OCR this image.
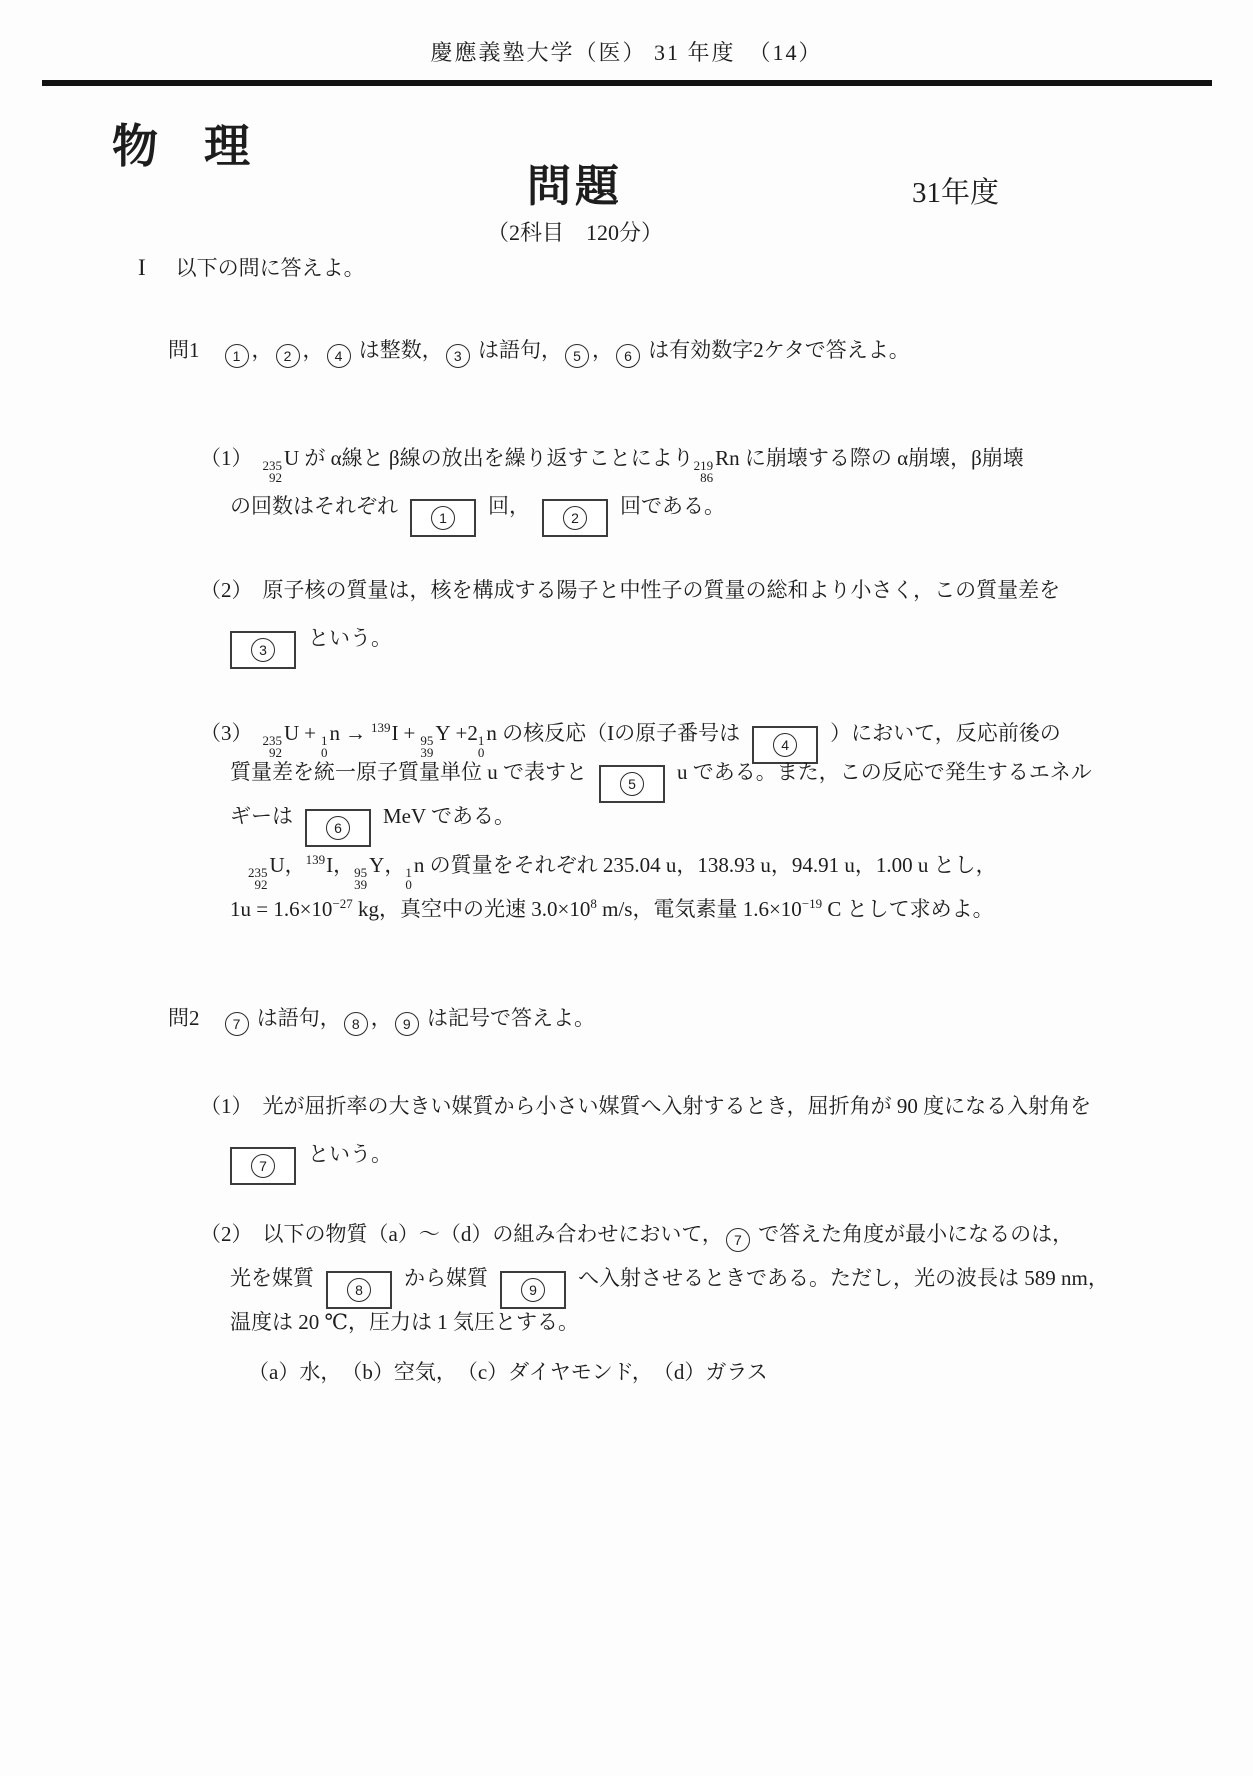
慶應義塾大学（医） 31 年度　（14）
物　理
問題	31年度
（2科目　120分）
I 以下の問に答えよ。
問1 1 ， 2 ， 4 は整数， 3 は語句， 5 ， 6 は有効数字2ケタで答えよ。
（1） 235
92
U が α線と β線の放出を繰り返すことにより 219
86
Rn に崩壊する際の α崩壊，β崩壊
の回数はそれぞれ	1	回，	2	回である。
（2） 原子核の質量は，核を構成する陽子と中性子の質量の総和より小さく，この質量差を
3	という。
（3） 235
92
U + 1
0
n → $^{139}$I + 95
39
Y +2 1
0
n の核反応（Iの原子番号は	4	）において，反応前後の
質量差を統一原子質量単位 u で表すと	5	u である。また，この反応で発生するエネル
ギーは	6	MeV である。
235
92
U，$^{139}$I， 95
39
Y， 1
0
n の質量をそれぞれ 235.04 u，138.93 u，94.91 u，1.00 u とし，
$1u = 1.6\times 10^{-27}$ kg，真空中の光速 $3.0\times 10^8$ m/s，電気素量 $1.6\times 10^{-19}$ C として求めよ。
問2 7 は語句， 8 ， 9 は記号で答えよ。
（1） 光が屈折率の大きい媒質から小さい媒質へ入射するとき，屈折角が 90 度になる入射角を
7	という。
（2） 以下の物質（a）～（d）の組み合わせにおいて， 7 で答えた角度が最小になるのは，
光を媒質	8	から媒質	9	へ入射させるときである。ただし，光の波長は 589 nm，
温度は 20 ℃，圧力は 1 気圧とする。
（a）水，　（b）空気，　（c）ダイヤモンド，　（d）ガラス
